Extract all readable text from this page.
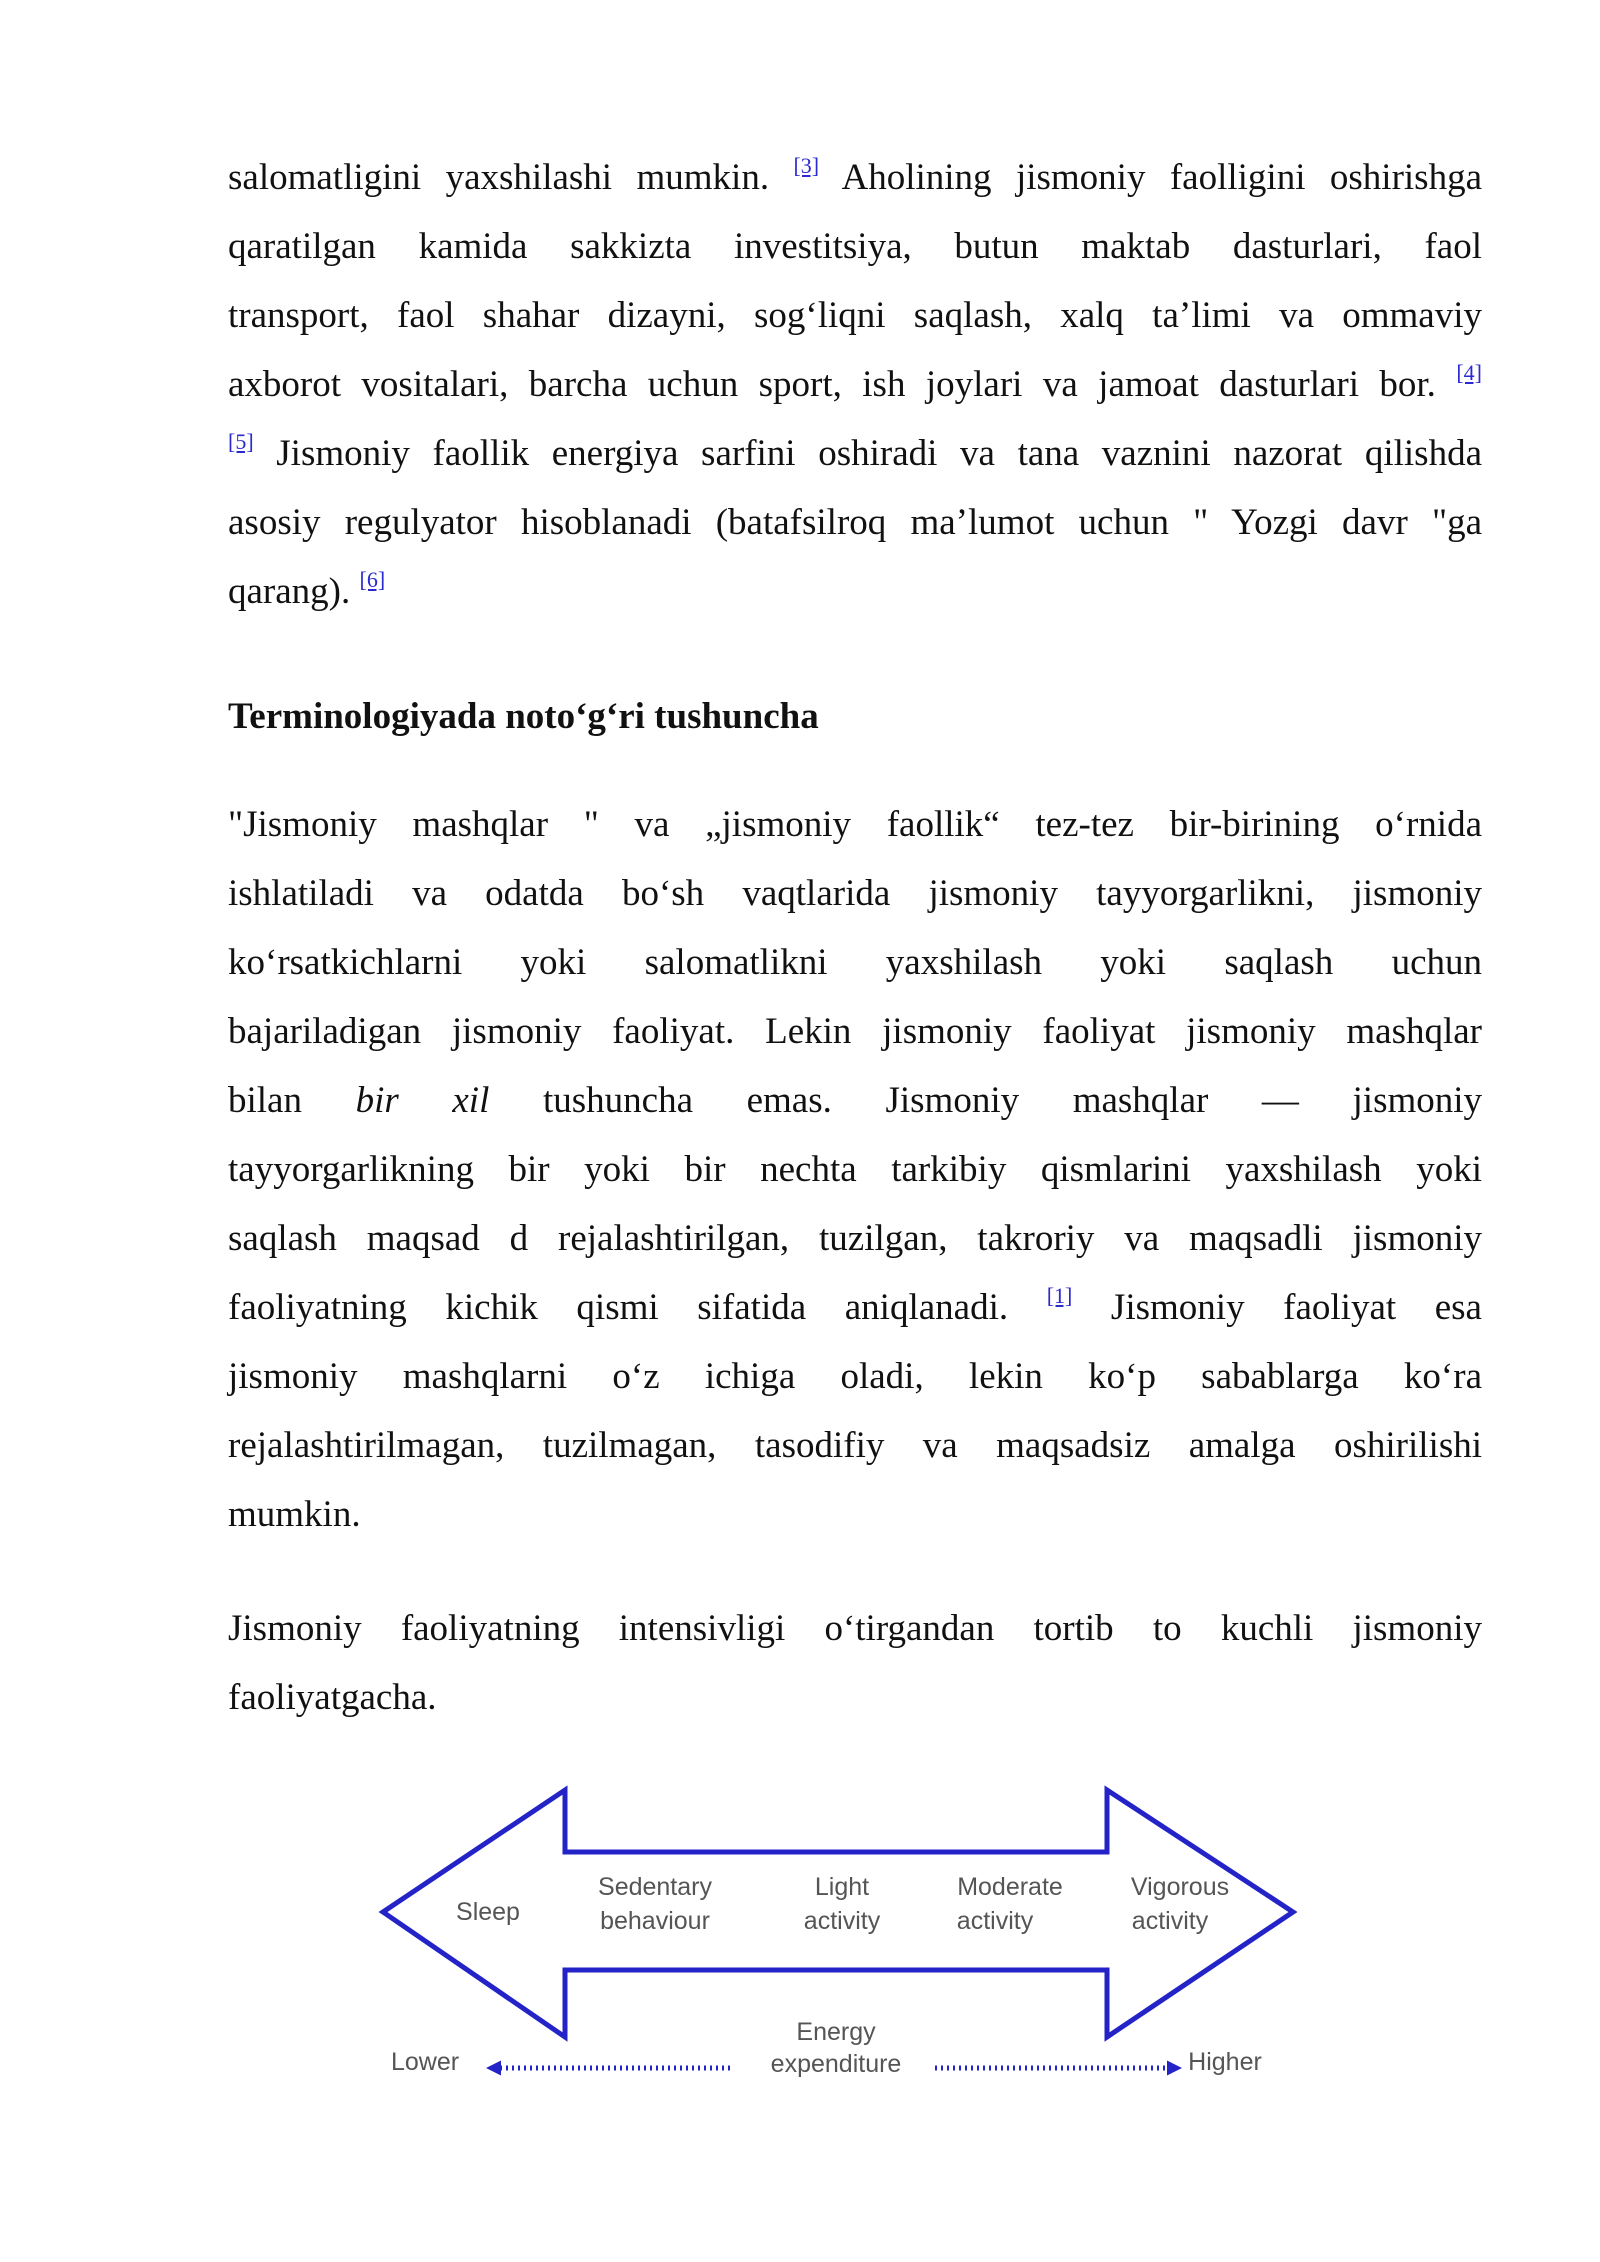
salomatligini yaxshilashi mumkin. [3] Aholining jismoniy faolligini oshirishga
qaratilgan kamida sakkizta investitsiya, butun maktab dasturlari, faol
transport, faol shahar dizayni, sog‘liqni saqlash, xalq ta’limi va ommaviy
axborot vositalari, barcha uchun sport, ish joylari va jamoat dasturlari bor. [4]
[5] Jismoniy faollik energiya sarfini oshiradi va tana vaznini nazorat qilishda
asosiy regulyator hisoblanadi (batafsilroq ma’lumot uchun " Yozgi davr "ga
qarang). [6]
Terminologiyada noto‘g‘ri tushuncha
"Jismoniy mashqlar " va „jismoniy faollik“ tez-tez bir-birining o‘rnida
ishlatiladi va odatda bo‘sh vaqtlarida jismoniy tayyorgarlikni, jismoniy
ko‘rsatkichlarni yoki salomatlikni yaxshilash yoki saqlash uchun
bajariladigan jismoniy faoliyat. Lekin jismoniy faoliyat jismoniy mashqlar
bilan bir xil tushuncha emas. Jismoniy mashqlar — jismoniy
tayyorgarlikning bir yoki bir nechta tarkibiy qismlarini yaxshilash yoki
saqlash maqsad d rejalashtirilgan, tuzilgan, takroriy va maqsadli jismoniy
faoliyatning kichik qismi sifatida aniqlanadi. [1] Jismoniy faoliyat esa
jismoniy mashqlarni o‘z ichiga oladi, lekin ko‘p sabablarga ko‘ra
rejalashtirilmagan, tuzilmagan, tasodifiy va maqsadsiz amalga oshirilishi
mumkin.
Jismoniy faoliyatning intensivligi o‘tirgandan tortib to kuchli jismoniy
faoliyatgacha.
Sleep
Sedentary
behaviour
Light
activity
Moderate
activity
Vigorous
activity
Lower
Energy
expenditure	Higher
